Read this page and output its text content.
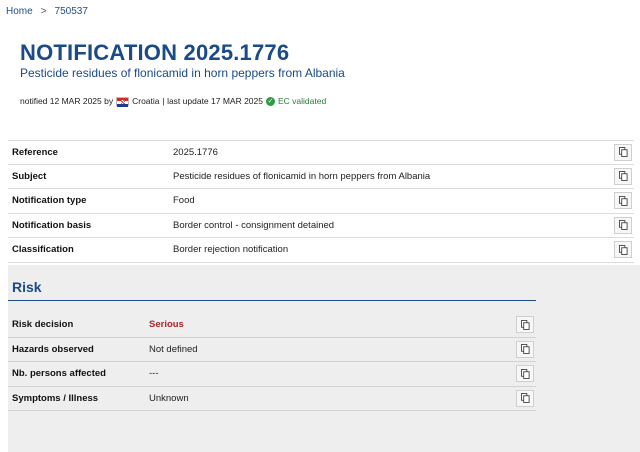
Home > 750537
NOTIFICATION 2025.1776
Pesticide residues of flonicamid in horn peppers from Albania
notified 12 MAR 2025 by Croatia | last update 17 MAR 2025 ✓ EC validated
Reference	2025.1776
Subject	Pesticide residues of flonicamid in horn peppers from Albania
Notification type	Food
Notification basis	Border control - consignment detained
Classification	Border rejection notification
Risk
Risk decision	Serious
Hazards observed	Not defined
Nb. persons affected	---
Symptoms / Illness	Unknown
